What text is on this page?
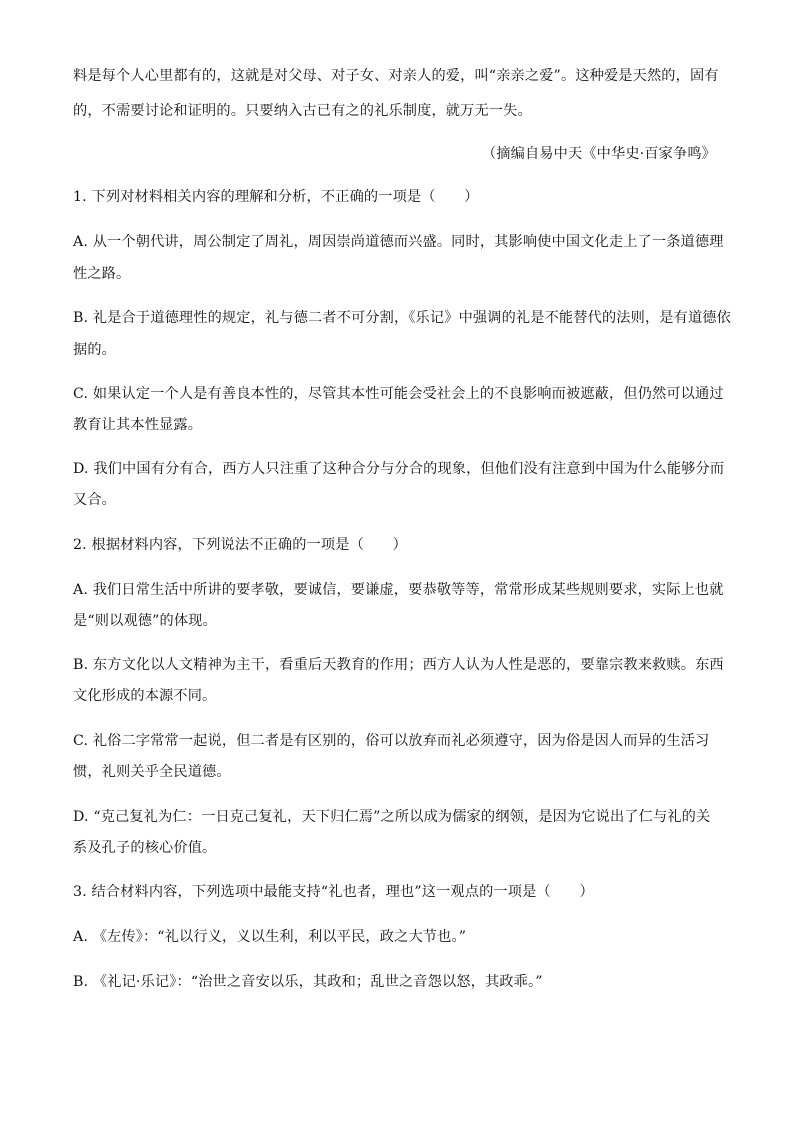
料是每个人心里都有的，这就是对父母、对子女、对亲人的爱，叫“亲亲之爱”。这种爱是天然的，固有
的，不需要讨论和证明的。只要纳入古已有之的礼乐制度，就万无一失。
（摘编自易中天《中华史·百家争鸣》
1. 下列对材料相关内容的理解和分析，不正确的一项是（　　）
A. 从一个朝代讲，周公制定了周礼，周因崇尚道德而兴盛。同时，其影响使中国文化走上了一条道德理
性之路。
B. 礼是合于道德理性的规定，礼与德二者不可分割，《乐记》中强调的礼是不能替代的法则，是有道德依
据的。
C. 如果认定一个人是有善良本性的，尽管其本性可能会受社会上的不良影响而被遮蔽，但仍然可以通过
教育让其本性显露。
D. 我们中国有分有合，西方人只注重了这种合分与分合的现象，但他们没有注意到中国为什么能够分而
又合。
2. 根据材料内容，下列说法不正确的一项是（　　）
A. 我们日常生活中所讲的要孝敬，要诚信，要谦虚，要恭敬等等，常常形成某些规则要求，实际上也就
是“则以观德”的体现。
B. 东方文化以人文精神为主干，看重后天教育的作用；西方人认为人性是恶的，要靠宗教来救赎。东西
文化形成的本源不同。
C. 礼俗二字常常一起说，但二者是有区别的，俗可以放弃而礼必须遵守，因为俗是因人而异的生活习
惯，礼则关乎全民道德。
D. “克己复礼为仁：一日克己复礼，天下归仁焉”之所以成为儒家的纲领，是因为它说出了仁与礼的关
系及孔子的核心价值。
3. 结合材料内容，下列选项中最能支持“礼也者，理也”这一观点的一项是（　　）
A. 《左传》：“礼以行义，义以生利，利以平民，政之大节也。”
B. 《礼记·乐记》：“治世之音安以乐，其政和；乱世之音怨以怒，其政乖。”
